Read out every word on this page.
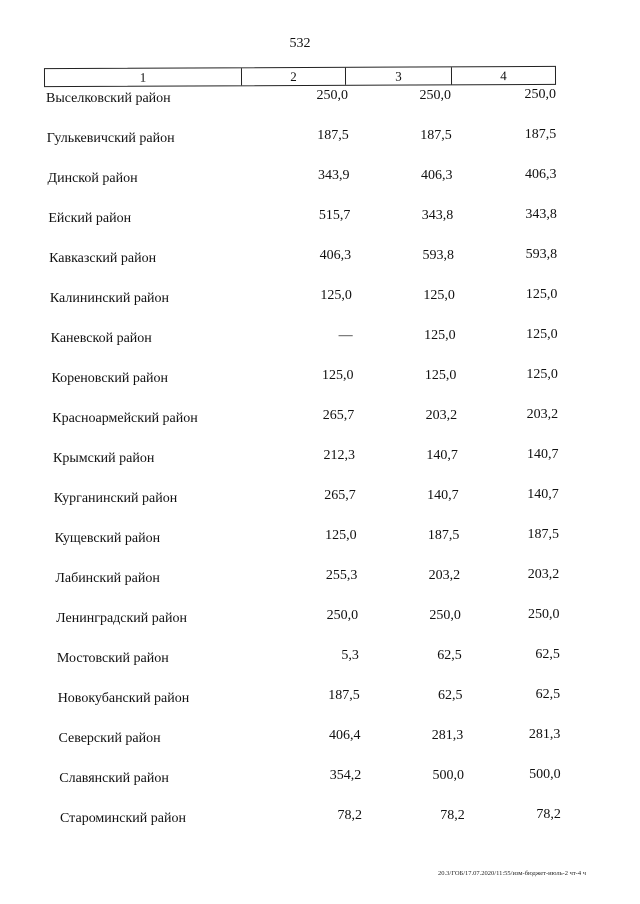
532
1	2	3	4
Выселковский район	250,0	250,0	250,0
Гулькевичский район	187,5	187,5	187,5
Динской район	343,9	406,3	406,3
Ейский район	515,7	343,8	343,8
Кавказский район	406,3	593,8	593,8
Калининский район	125,0	125,0	125,0
Каневской район	—	125,0	125,0
Кореновский район	125,0	125,0	125,0
Красноармейский район	265,7	203,2	203,2
Крымский район	212,3	140,7	140,7
Курганинский район	265,7	140,7	140,7
Кущевский район	125,0	187,5	187,5
Лабинский район	255,3	203,2	203,2
Ленинградский район	250,0	250,0	250,0
Мостовский район	5,3	62,5	62,5
Новокубанский район	187,5	62,5	62,5
Северский район	406,4	281,3	281,3
Славянский район	354,2	500,0	500,0
Староминский район	78,2	78,2	78,2
20.3/ГОБ/17.07.2020/11:55/изм-бюджет-июль-2 чт-4 ч
